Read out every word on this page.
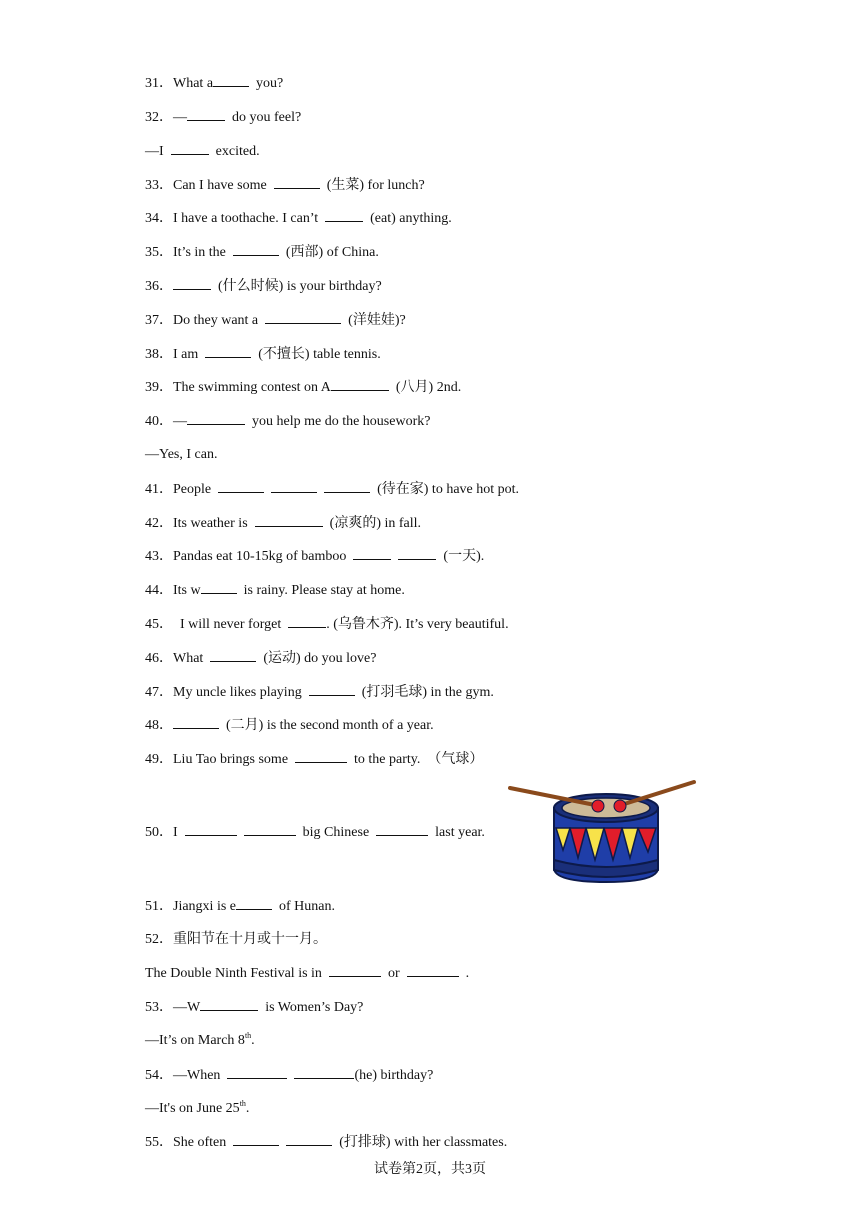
31．What a	you?
32．—	do you feel?
—I	excited.
33．Can I have some	(生菜) for lunch?
34．I have a toothache. I can’t	(eat) anything.
35．It’s in the	(西部) of China.
36．	(什么时候) is your birthday?
37．Do they want a	(洋娃娃)?
38．I am	(不擅长) table tennis.
39．The swimming contest on A	(八月) 2nd.
40．—	you help me do the housework?
—Yes, I can.
41．People	(待在家) to have hot pot.
42．Its weather is	(凉爽的) in fall.
43．Pandas eat 10-15kg of bamboo	(一天).
44．Its w	is rainy. Please stay at home.
45．  I will never forget	. (乌鲁木齐). It’s very beautiful.
46．What	(运动) do you love?
47．My uncle likes playing	(打羽毛球) in the gym.
48．	(二月) is the second month of a year.
49．Liu Tao brings some	to the party.  （气球）
50．I	big Chinese	last year.
51．Jiangxi is e	of Hunan.
52．重阳节在十月或十一月。
The Double Ninth Festival is in	or	.
53．—W	is Women’s Day?
—It’s on March 8th.
54．—When	(he) birthday?
—It's on June 25th.
55．She often	(打排球) with her classmates.
试卷第2页，共3页
